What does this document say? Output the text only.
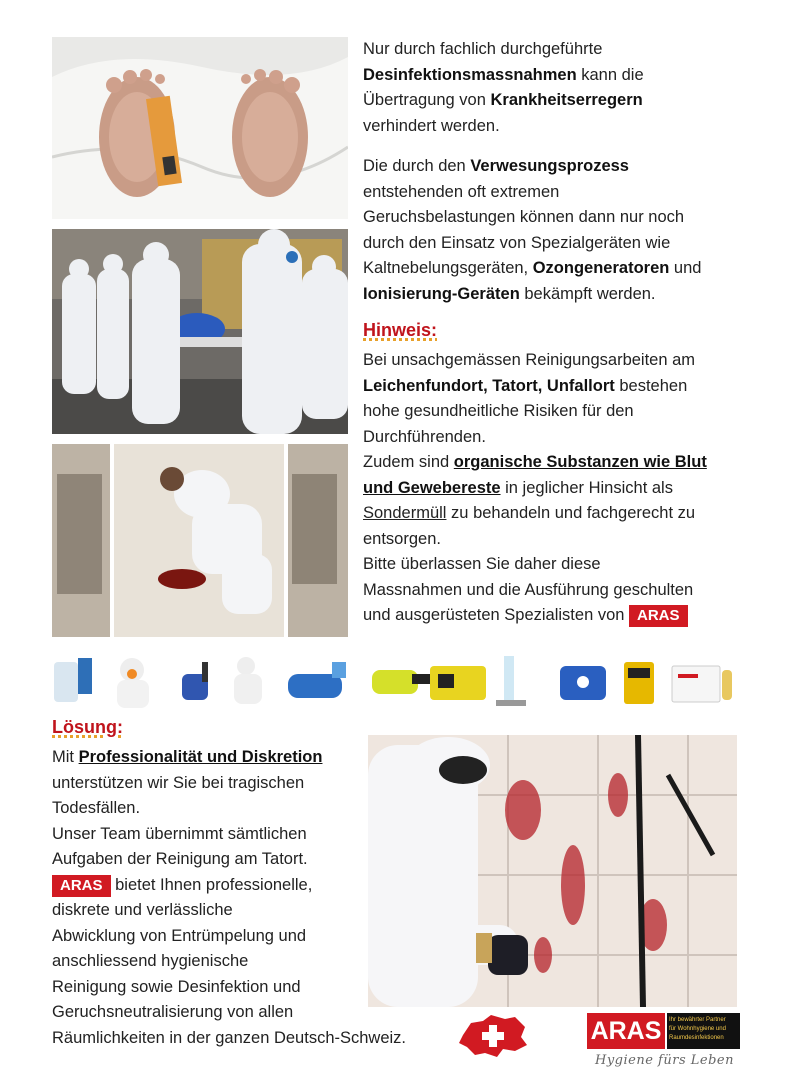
Nur durch fachlich durchgeführte
Desinfektionsmassnahmen kann die
Übertragung von Krankheitserregern
verhindert werden.
Die durch den Verwesungsprozess
entstehenden oft extremen
Geruchsbelastungen können dann nur noch
durch den Einsatz von Spezialgeräten wie
Kaltnebelungsgeräten, Ozongeneratoren und
Ionisierung-Geräten bekämpft werden.
Hinweis:
Bei unsachgemässen Reinigungsarbeiten am
Leichenfundort, Tatort, Unfallort bestehen
hohe gesundheitliche Risiken für den
Durchführenden.
Zudem sind organische Substanzen wie Blut
und Gewebereste in jeglicher Hinsicht als
Sondermüll zu behandeln und fachgerecht zu
entsorgen.
Bitte überlassen Sie daher diese
Massnahmen und die Ausführung geschulten
und ausgerüsteten Spezialisten von ARAS
Lösung:
Mit Professionalität und Diskretion
unterstützen wir Sie bei tragischen
Todesfällen.
Unser Team übernimmt sämtlichen
Aufgaben der Reinigung am Tatort.
ARAS bietet Ihnen professionelle,
diskrete und verlässliche
Abwicklung von Entrümpelung und
anschliessend hygienische
Reinigung sowie Desinfektion und
Geruchsneutralisierung von allen
Räumlichkeiten in der ganzen Deutsch-Schweiz.	ARAS	Ihr bewährter Partner
für Wohnhygiene und
Raumdesinfektionen
Hygiene fürs Leben
